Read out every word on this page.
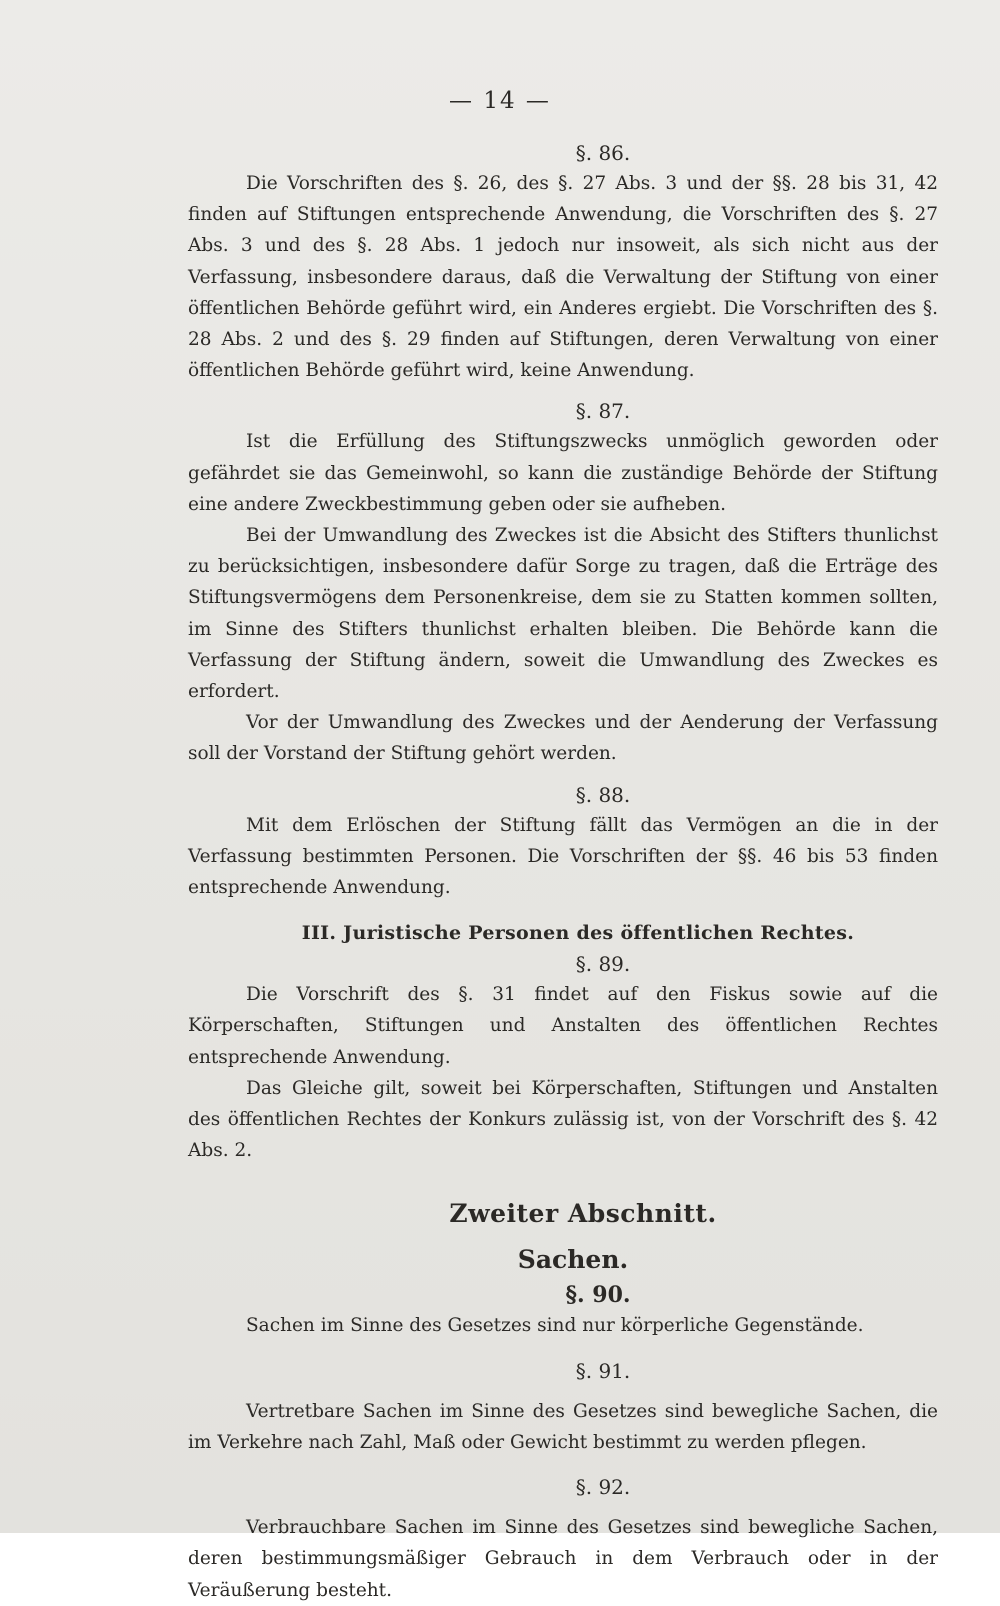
— 14 —
§. 86.

Die Vorschriften des §. 26, des §. 27 Abs. 3 und der §§. 28 bis 31, 42 finden auf Stiftungen entsprechende Anwendung, die Vorschriften des §. 27 Abs. 3 und des §. 28 Abs. 1 jedoch nur insoweit, als sich nicht aus der Verfassung, insbesondere daraus, daß die Verwaltung der Stiftung von einer öffentlichen Behörde geführt wird, ein Anderes ergiebt. Die Vorschriften des §. 28 Abs. 2 und des §. 29 finden auf Stiftungen, deren Verwaltung von einer öffentlichen Behörde geführt wird, keine Anwendung.

§. 87.

Ist die Erfüllung des Stiftungszwecks unmöglich geworden oder gefährdet sie das Gemeinwohl, so kann die zuständige Behörde der Stiftung eine andere Zweckbestimmung geben oder sie aufheben.

Bei der Umwandlung des Zweckes ist die Absicht des Stifters thunlichst zu berücksichtigen, insbesondere dafür Sorge zu tragen, daß die Erträge des Stiftungsvermögens dem Personenkreise, dem sie zu Statten kommen sollten, im Sinne des Stifters thunlichst erhalten bleiben. Die Behörde kann die Verfassung der Stiftung ändern, soweit die Umwandlung des Zweckes es erfordert.

Vor der Umwandlung des Zweckes und der Aenderung der Verfassung soll der Vorstand der Stiftung gehört werden.

§. 88.

Mit dem Erlöschen der Stiftung fällt das Vermögen an die in der Verfassung bestimmten Personen. Die Vorschriften der §§. 46 bis 53 finden entsprechende Anwendung.

III. Juristische Personen des öffentlichen Rechtes.
§. 89.

Die Vorschrift des §. 31 findet auf den Fiskus sowie auf die Körperschaften, Stiftungen und Anstalten des öffentlichen Rechtes entsprechende Anwendung.

Das Gleiche gilt, soweit bei Körperschaften, Stiftungen und Anstalten des öffentlichen Rechtes der Konkurs zulässig ist, von der Vorschrift des §. 42 Abs. 2.

Zweiter Abschnitt.
Sachen.
§. 90.

Sachen im Sinne des Gesetzes sind nur körperliche Gegenstände.

§. 91.

Vertretbare Sachen im Sinne des Gesetzes sind bewegliche Sachen, die im Verkehre nach Zahl, Maß oder Gewicht bestimmt zu werden pflegen.

§. 92.

Verbrauchbare Sachen im Sinne des Gesetzes sind bewegliche Sachen, deren bestimmungsmäßiger Gebrauch in dem Verbrauch oder in der Veräußerung besteht.
